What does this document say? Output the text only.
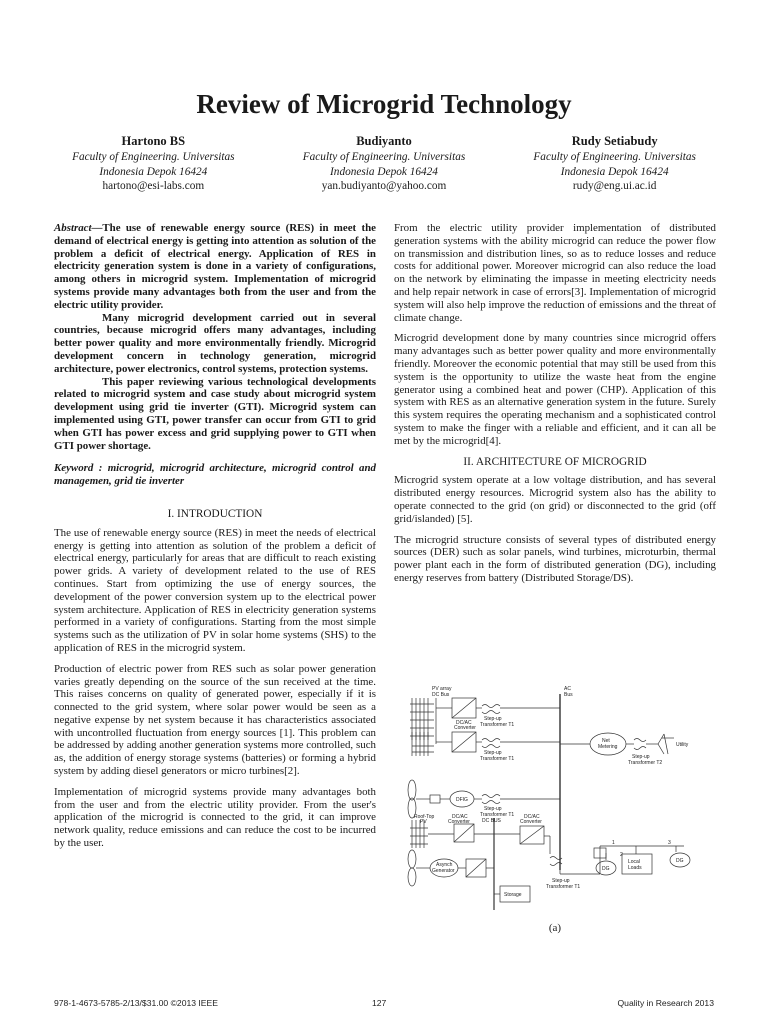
Review of Microgrid Technology
Hartono BS
Faculty of Engineering. Universitas
Indonesia Depok 16424
hartono@esi-labs.com
Budiyanto
Faculty of Engineering. Universitas
Indonesia Depok 16424
yan.budiyanto@yahoo.com
Rudy Setiabudy
Faculty of Engineering. Universitas
Indonesia Depok 16424
rudy@eng.ui.ac.id

Abstract—The use of renewable energy source (RES) in meet the demand of electrical energy is getting into attention as solution of the problem a deficit of electrical energy. Application of RES in electricity generation system is done in a variety of configurations, among others in microgrid system. Implementation of microgrid systems provide many advantages both from the user and from the electric utility provider.

Many microgrid development carried out in several countries, because microgrid offers many advantages, including better power quality and more environmentally friendly. Microgrid development concern in technology generation, microgrid architecture, power electronics, control systems, protection systems.

This paper reviewing various technological developments related to microgrid system and case study about microgrid system development using grid tie inverter (GTI). Microgrid system can implemented using GTI, power transfer can occur from GTI to grid when GTI has power excess and grid supplying power to GTI when GTI power shortage.

Keyword : microgrid, microgrid architecture, microgrid control and managemen, grid tie inverter

I. INTRODUCTION

The use of renewable energy source (RES) in meet the needs of electrical energy is getting into attention as solution of the problem a deficit of electrical energy, particularly for areas that are difficult to reach existing power grids. A variety of development related to the use of RES continues. Start from optimizing the use of energy sources, the development of the power conversion system up to the electrical power system architecture. Application of RES in electricity generation systems performed in a variety of configurations. Starting from the most simple systems such as the utilization of PV in solar home systems (SHS) to the application of RES in the microgrid system.

Production of electric power from RES such as solar power generation varies greatly depending on the source of the sun received at the time. This raises concerns on quality of generated power, especially if it is connected to the grid system, where solar power would be seen as a negative expense by net system because it has characteristics associated with uncontrolled fluctuation from energy sources [1]. This problem can be addressed by adding another generation systems more controlled, such as, the addition of energy storage systems (batteries) or forming a hybrid system by adding diesel generators or micro turbines[2].

Implementation of microgrid systems provide many advantages both from the user and from the electric utility provider. From the user's application of the microgrid is connected to the grid, it can improve network quality, reduce emissions and can reduce the cost to be incurred by the user.

From the electric utility provider implementation of distributed generation systems with the ability microgrid can reduce the power flow on transmission and distribution lines, so as to reduce losses and reduce costs for additional power. Moreover microgrid can also reduce the load on the network by eliminating the impasse in meeting electricity needs and help repair network in case of errors[3]. Implementation of microgrid system will also help improve the reduction of emissions and the threat of climate change.

Microgrid development done by many countries since microgrid offers many advantages such as better power quality and more environmentally friendly. Moreover the economic potential that may still be used from this system is the opportunity to utilize the waste heat from the engine generator using a combined heat and power (CHP). Application of this system with RES as an alternative generation system in the future. Surely this system requires the operating mechanism and a sophisticated control system to make the finger with a reliable and efficient, and it can all be met by the microgrid[4].

II. ARCHITECTURE OF MICROGRID

Microgrid system operate at a low voltage distribution, and has several distributed energy resources. Microgrid system also has the ability to operate connected to the grid (on grid) or disconnected to the grid (off grid/islanded) [5].

The microgrid structure consists of several types of distributed energy sources (DER) such as solar panels, wind turbines, microturbin, thermal power plant each in the form of distributed generation (DG), including energy reserves from battery (Distributed Storage/DS).

PV array
DC Bus
AC
Bus
DC/AC
Converter
Step-up
Transformer T1
Step-up
Transformer T1
Net
Metering	Utility
Step-up
Transformer T2
DFIG
Step-up
Transformer T1
DC BUS
Roof-Top
PV
DC/AC
Converter
DC/AC
Converter
Asynch
Generator
Storage
Step-up
Transformer T1
DG
DG
Local
Loads
1
2
3
(a)
978-1-4673-5785-2/13/$31.00 ©2013 IEEE	127	Quality in Research 2013
